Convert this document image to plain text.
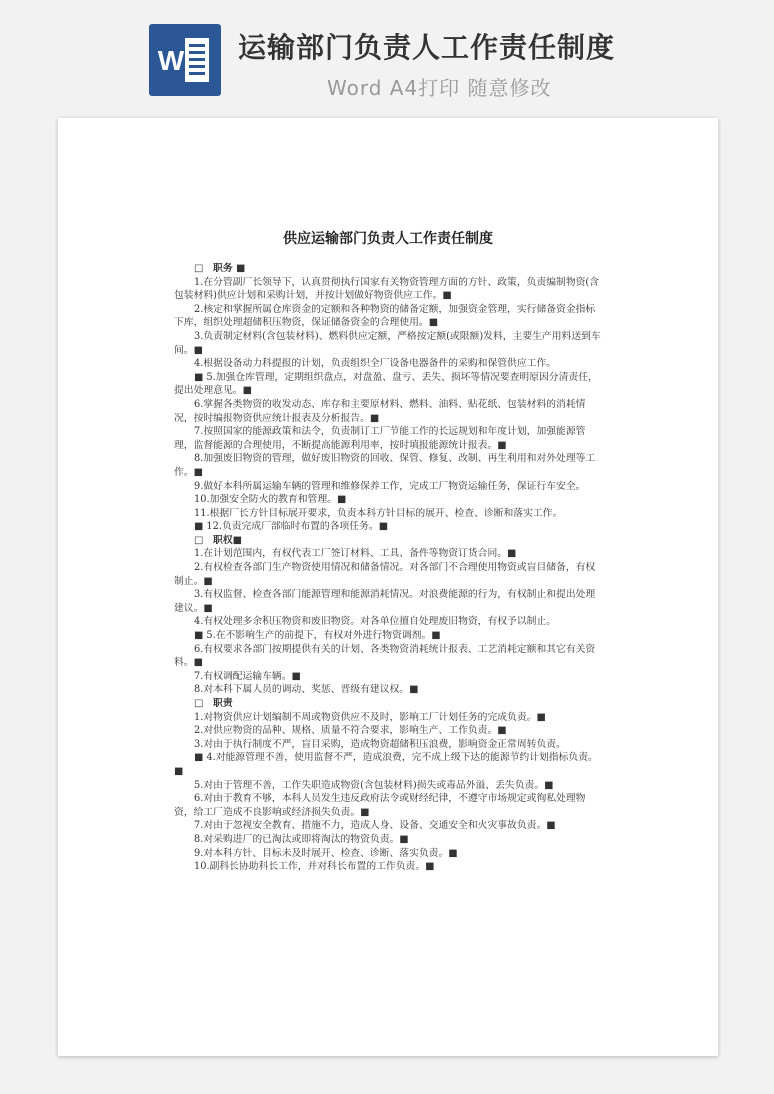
W 运输部门负责人工作责任制度
Word A4打印 随意修改
供应运输部门负责人工作责任制度

□　职务 ■

1.在分管副厂长领导下，认真贯彻执行国家有关物资管理方面的方针、政策，负责编制物资(含包装材料)供应计划和采购计划，并按计划做好物资供应工作。■

2.核定和掌握所属仓库资金的定额和各种物资的储备定额，加强资金管理，实行储备资金指标下库，组织处理超储积压物资，保证储备资金的合理使用。■

3.负责制定材料(含包装材料)、燃料供应定额，严格按定额(或限额)发料，主要生产用料送到车间。■

4.根据设备动力科提报的计划，负责组织全厂设备电器备件的采购和保管供应工作。

■ 5.加强仓库管理，定期组织盘点，对盘盈、盘亏、丢失、损坏等情况要查明原因分清责任，提出处理意见。■

6.掌握各类物资的收发动态、库存和主要原材料、燃料、油料、贴花纸、包装材料的消耗情况，按时编报物资供应统计报表及分析报告。■

7.按照国家的能源政策和法令，负责制订工厂节能工作的长远规划和年度计划，加强能源管理，监督能源的合理使用，不断提高能源利用率，按时填报能源统计报表。■

8.加强废旧物资的管理，做好废旧物资的回收、保管、修复、改制、再生利用和对外处理等工作。■

9.做好本科所属运输车辆的管理和维修保养工作，完成工厂物资运输任务，保证行车安全。

10.加强安全防火的教育和管理。■

11.根据厂长方针目标展开要求，负责本科方针目标的展开、检查、诊断和落实工作。

■ 12.负责完成厂部临时布置的各项任务。■

□　职权■

1.在计划范围内，有权代表工厂签订材料、工具、备件等物资订货合同。■

2.有权检查各部门生产物资使用情况和储备情况。对各部门不合理使用物资或盲目储备，有权制止。■

3.有权监督、检查各部门能源管理和能源消耗情况。对浪费能源的行为，有权制止和提出处理建议。■

4.有权处理多余积压物资和废旧物资。对各单位擅自处理废旧物资，有权予以制止。

■ 5.在不影响生产的前提下，有权对外进行物资调剂。■

6.有权要求各部门按期提供有关的计划、各类物资消耗统计报表、工艺消耗定额和其它有关资料。■

7.有权调配运输车辆。■

8.对本科下属人员的调动、奖惩、晋级有建议权。■

□　职责

1.对物资供应计划编制不周或物资供应不及时，影响工厂计划任务的完成负责。■

2.对供应物资的品种、规格、质量不符合要求，影响生产、工作负责。■

3.对由于执行制度不严，盲目采购，造成物资超储积压浪费，影响资金正常周转负责。

■ 4.对能源管理不善，使用监督不严，造成浪费，完不成上级下达的能源节约计划指标负责。■

5.对由于管理不善，工作失职造成物资(含包装材料)损失或毒品外溢、丢失负责。■

6.对由于教育不够，本科人员发生违反政府法令或财经纪律，不遵守市场规定或徇私处理物资，给工厂造成不良影响或经济损失负责。■

7.对由于忽视安全教育、措施不力，造成人身、设备、交通安全和火灾事故负责。■

8.对采购进厂的已淘汰或即将淘汰的物资负责。■

9.对本科方针、目标未及时展开、检查、诊断、落实负责。■

10.副科长协助科长工作，并对科长布置的工作负责。■
